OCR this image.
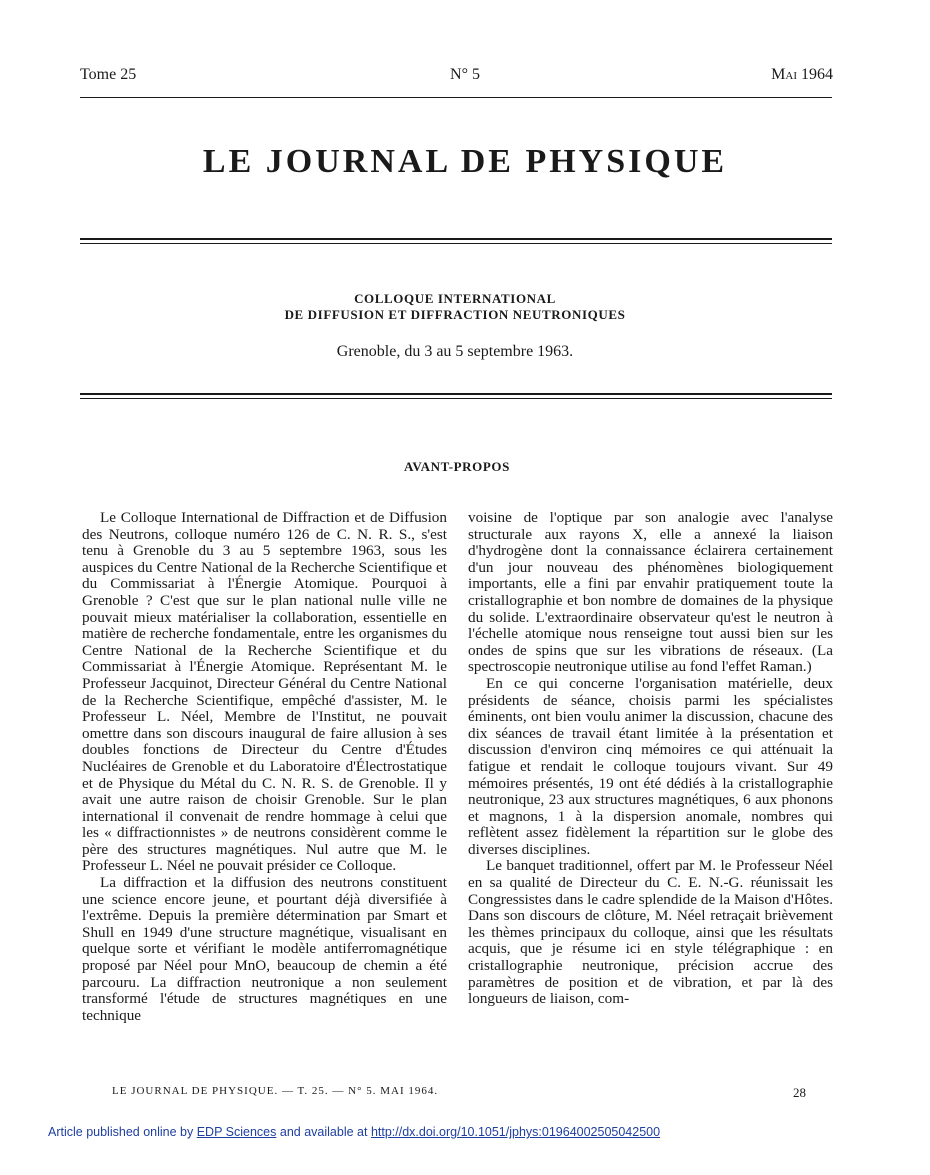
Tome 25	N° 5	Mai 1964
LE JOURNAL DE PHYSIQUE
COLLOQUE INTERNATIONAL
DE DIFFUSION ET DIFFRACTION NEUTRONIQUES
Grenoble, du 3 au 5 septembre 1963.
AVANT-PROPOS

Le Colloque International de Diffraction et de Diffusion des Neutrons, colloque numéro 126 de C. N. R. S., s'est tenu à Grenoble du 3 au 5 septembre 1963, sous les auspices du Centre National de la Recherche Scientifique et du Commissariat à l'Énergie Atomique. Pourquoi à Grenoble ? C'est que sur le plan national nulle ville ne pouvait mieux matérialiser la collaboration, essentielle en matière de recherche fondamentale, entre les organismes du Centre National de la Recherche Scientifique et du Commissariat à l'Énergie Atomique. Représentant M. le Professeur Jacquinot, Directeur Général du Centre National de la Recherche Scientifique, empêché d'assister, M. le Professeur L. Néel, Membre de l'Institut, ne pouvait omettre dans son discours inaugural de faire allusion à ses doubles fonctions de Directeur du Centre d'Études Nucléaires de Grenoble et du Laboratoire d'Électrostatique et de Physique du Métal du C. N. R. S. de Grenoble. Il y avait une autre raison de choisir Grenoble. Sur le plan international il convenait de rendre hommage à celui que les « diffractionnistes » de neutrons considèrent comme le père des structures magnétiques. Nul autre que M. le Professeur L. Néel ne pouvait présider ce Colloque.

La diffraction et la diffusion des neutrons constituent une science encore jeune, et pourtant déjà diversifiée à l'extrême. Depuis la première détermination par Smart et Shull en 1949 d'une structure magnétique, visualisant en quelque sorte et vérifiant le modèle antiferromagnétique proposé par Néel pour MnO, beaucoup de chemin a été parcouru. La diffraction neutronique a non seulement transformé l'étude de structures magnétiques en une technique

voisine de l'optique par son analogie avec l'analyse structurale aux rayons X, elle a annexé la liaison d'hydrogène dont la connaissance éclairera certainement d'un jour nouveau des phénomènes biologiquement importants, elle a fini par envahir pratiquement toute la cristallographie et bon nombre de domaines de la physique du solide. L'extraordinaire observateur qu'est le neutron à l'échelle atomique nous renseigne tout aussi bien sur les ondes de spins que sur les vibrations de réseaux. (La spectroscopie neutronique utilise au fond l'effet Raman.)

En ce qui concerne l'organisation matérielle, deux présidents de séance, choisis parmi les spécialistes éminents, ont bien voulu animer la discussion, chacune des dix séances de travail étant limitée à la présentation et discussion d'environ cinq mémoires ce qui atténuait la fatigue et rendait le colloque toujours vivant. Sur 49 mémoires présentés, 19 ont été dédiés à la cristallographie neutronique, 23 aux structures magnétiques, 6 aux phonons et magnons, 1 à la dispersion anomale, nombres qui reflètent assez fidèlement la répartition sur le globe des diverses disciplines.

Le banquet traditionnel, offert par M. le Professeur Néel en sa qualité de Directeur du C. E. N.-G. réunissait les Congressistes dans le cadre splendide de la Maison d'Hôtes. Dans son discours de clôture, M. Néel retraçait brièvement les thèmes principaux du colloque, ainsi que les résultats acquis, que je résume ici en style télégraphique : en cristallographie neutronique, précision accrue des paramètres de position et de vibration, et par là des longueurs de liaison, com-

LE JOURNAL DE PHYSIQUE. — T. 25. — N° 5. MAI 1964.	28
Article published online by EDP Sciences and available at http://dx.doi.org/10.1051/jphys:01964002505042500
